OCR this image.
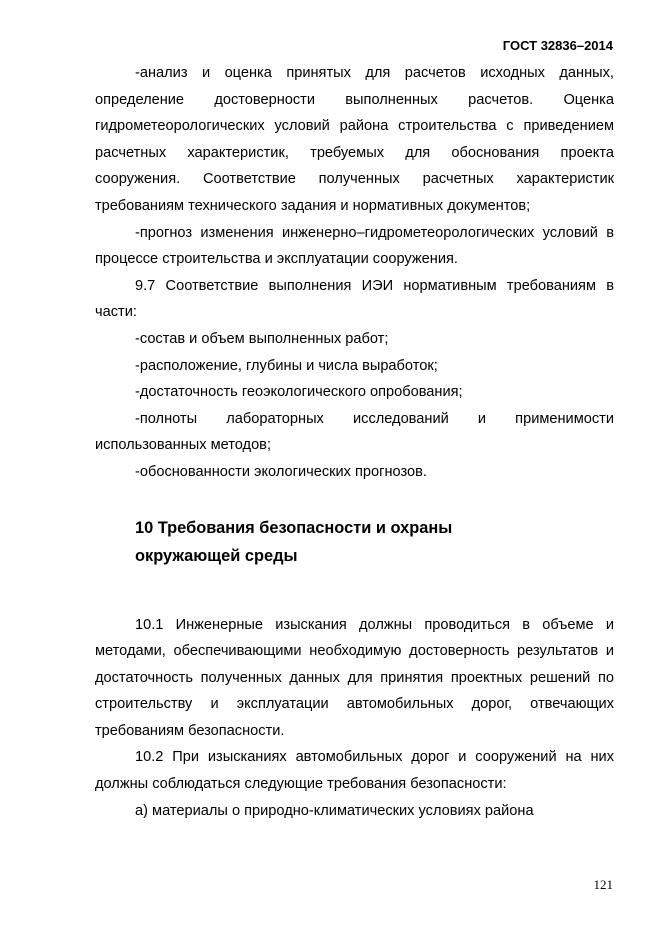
ГОСТ 32836–2014

-анализ и оценка принятых для расчетов исходных данных, определение достоверности выполненных расчетов. Оценка гидрометеорологических условий района строительства с приведением расчетных характеристик, требуемых для обоснования проекта сооружения. Соответствие полученных расчетных характеристик требованиям технического задания и нормативных документов;

-прогноз изменения инженерно–гидрометеорологических условий в процессе строительства и эксплуатации сооружения.

9.7 Соответствие выполнения ИЭИ нормативным требованиям в части:

-состав и объем выполненных работ;

-расположение, глубины и числа выработок;

-достаточность геоэкологического опробования;

-полноты лабораторных исследований и применимости использованных методов;

-обоснованности экологических прогнозов.

10 Требования безопасности и охраны

окружающей среды

10.1 Инженерные изыскания должны проводиться в объеме и методами, обеспечивающими необходимую достоверность результатов и достаточность полученных данных для принятия проектных решений по строительству и эксплуатации автомобильных дорог, отвечающих требованиям безопасности.

10.2 При изысканиях автомобильных дорог и сооружений на них должны соблюдаться следующие требования безопасности:

а) материалы о природно-климатических условиях района

121
